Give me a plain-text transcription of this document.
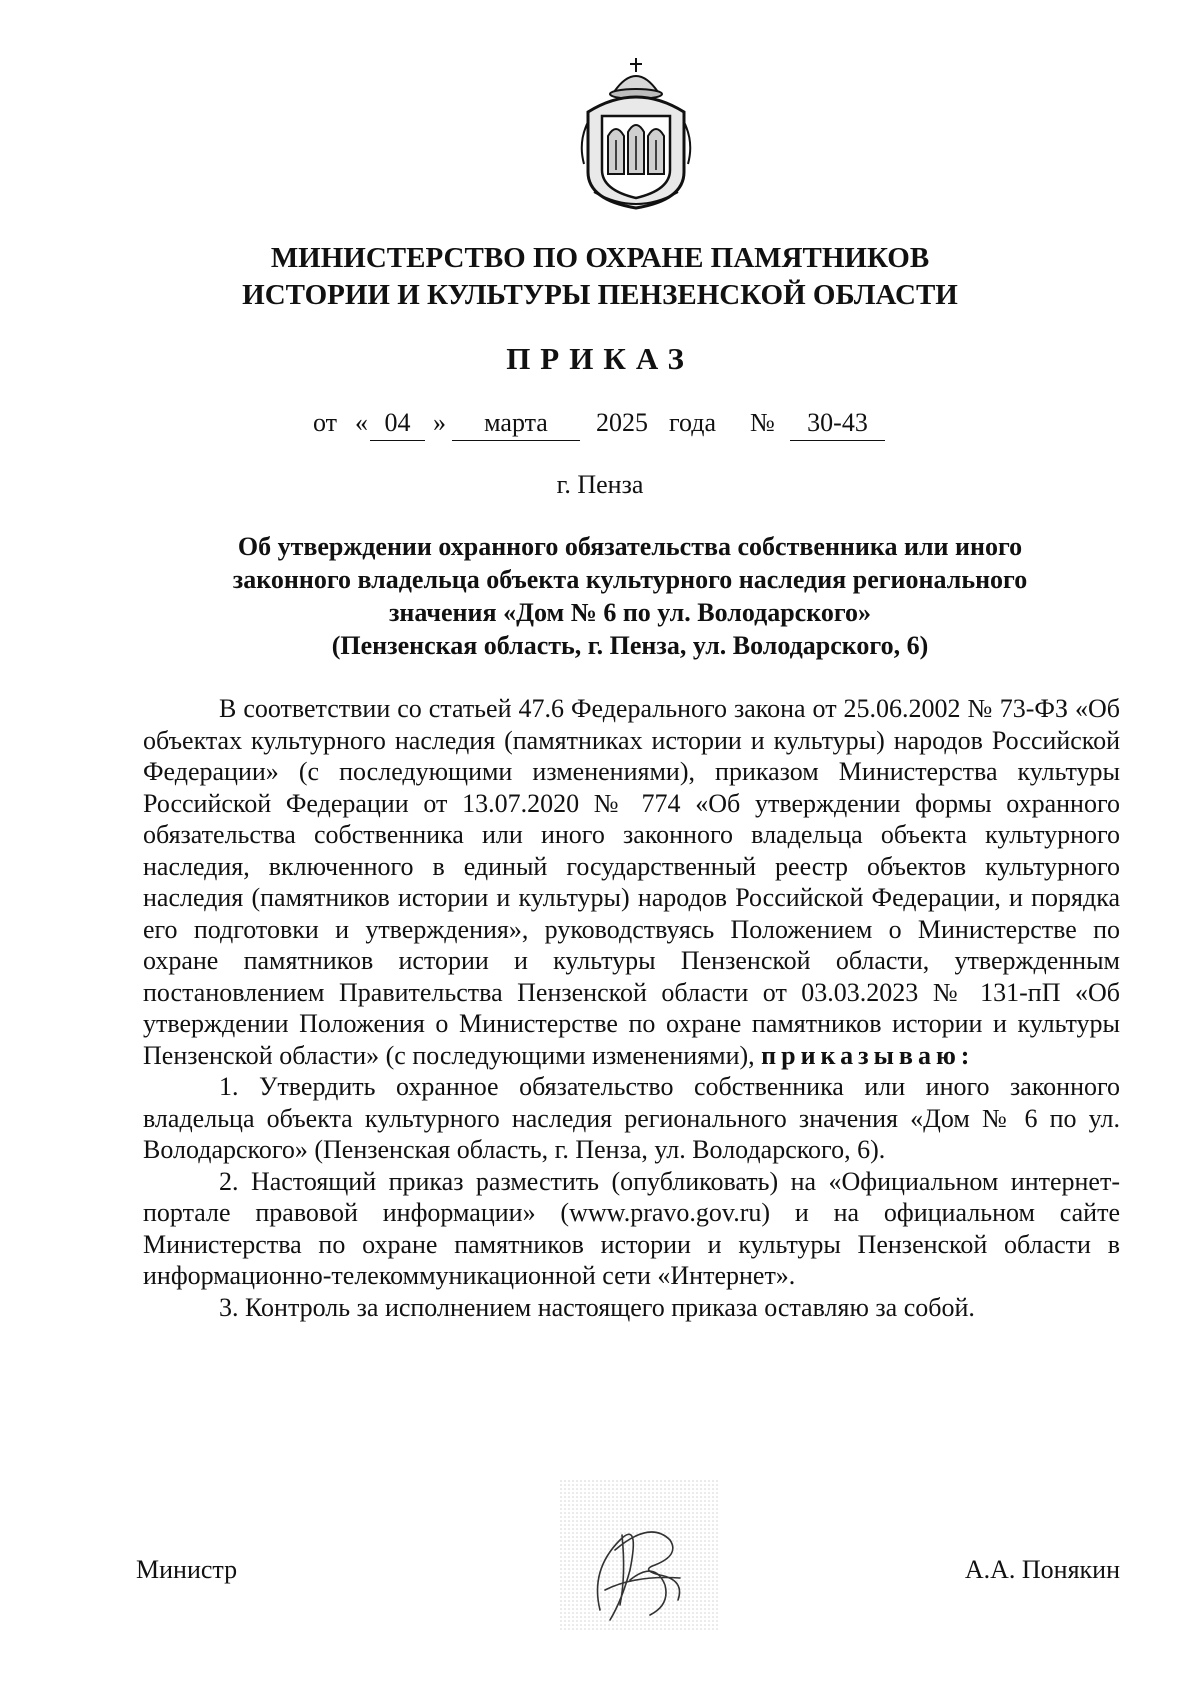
МИНИСТЕРСТВО ПО ОХРАНЕ ПАМЯТНИКОВ
ИСТОРИИ И КУЛЬТУРЫ ПЕНЗЕНСКОЙ ОБЛАСТИ
ПРИКАЗ
от « 04 »	марта	2025 года №	30-43
г. Пенза
Об утверждении охранного обязательства собственника или иного
законного владельца объекта культурного наследия регионального
значения «Дом № 6 по ул. Володарского»
(Пензенская область, г. Пенза, ул. Володарского, 6)

В соответствии со статьей 47.6 Федерального закона от 25.06.2002 № 73-ФЗ «Об объектах культурного наследия (памятниках истории и культуры) народов Российской Федерации» (с последующими изменениями), приказом Министерства культуры Российской Федерации от 13.07.2020 № 774 «Об утверждении формы охранного обязательства собственника или иного законного владельца объекта культурного наследия, включенного в единый государственный реестр объектов культурного наследия (памятников истории и культуры) народов Российской Федерации, и порядка его подготовки и утверждения», руководствуясь Положением о Министерстве по охране памятников истории и культуры Пензенской области, утвержденным постановлением Правительства Пензенской области от 03.03.2023 № 131-пП «Об утверждении Положения о Министерстве по охране памятников истории и культуры Пензенской области» (с последующими изменениями), приказываю:

1. Утвердить охранное обязательство собственника или иного законного владельца объекта культурного наследия регионального значения «Дом № 6 по ул. Володарского» (Пензенская область, г. Пенза, ул. Володарского, 6).

2. Настоящий приказ разместить (опубликовать) на «Официальном интернет-портале правовой информации» (www.pravo.gov.ru) и на официальном сайте Министерства по охране памятников истории и культуры Пензенской области в информационно-телекоммуникационной сети «Интернет».

3. Контроль за исполнением настоящего приказа оставляю за собой.

Министр	А.А. Понякин
